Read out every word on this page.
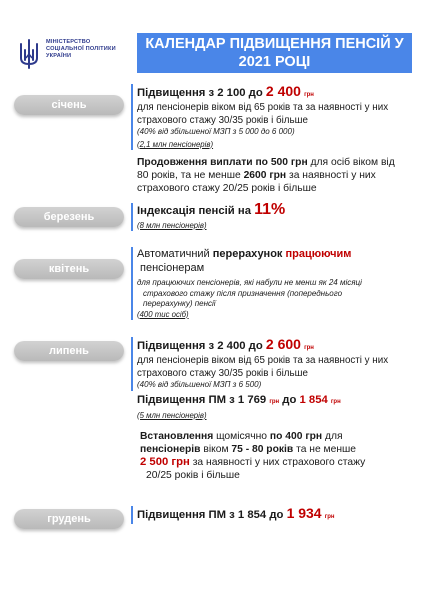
МІНІСТЕРСТВО
СОЦІАЛЬНОЇ ПОЛІТИКИ
УКРАЇНИ
КАЛЕНДАР ПІДВИЩЕННЯ ПЕНСІЙ У
2021 РОЦІ
січень
Підвищення з 2 100 до 2 400 грн
для пенсіонерів віком від 65 років та за наявності у них
страхового стажу 30/35 років і більше
(40% від збільшеної МЗП з 5 000 до 6 000)
(2,1 млн пенсіонерів)
Продовження виплати по 500 грн для осіб віком від
80 років, та не менше 2600 грн за наявності у них
страхового стажу 20/25 років і більше
березень	Індексація пенсій на 11%
(8 млн пенсіонерів)
квітень
Автоматичний перерахунок працюючим
пенсіонерам
для працюючих пенсіонерів, які набули не менш як 24 місяці
страхового стажу після призначення (попереднього
перерахунку) пенсії
(400 тис осіб)
липень	Підвищення з 2 400 до 2 600 грн
для пенсіонерів віком від 65 років та за наявності у них
страхового стажу 30/35 років і більше
(40% від збільшеної МЗП з 6 500)
Підвищення ПМ з 1 769 грн до 1 854 грн
(5 млн пенсіонерів)
Встановлення щомісячно по 400 грн для
пенсіонерів віком 75 - 80 років та не менше
2 500 грн за наявності у них страхового стажу
20/25 років і більше
грудень	Підвищення ПМ з 1 854 до 1 934 грн
